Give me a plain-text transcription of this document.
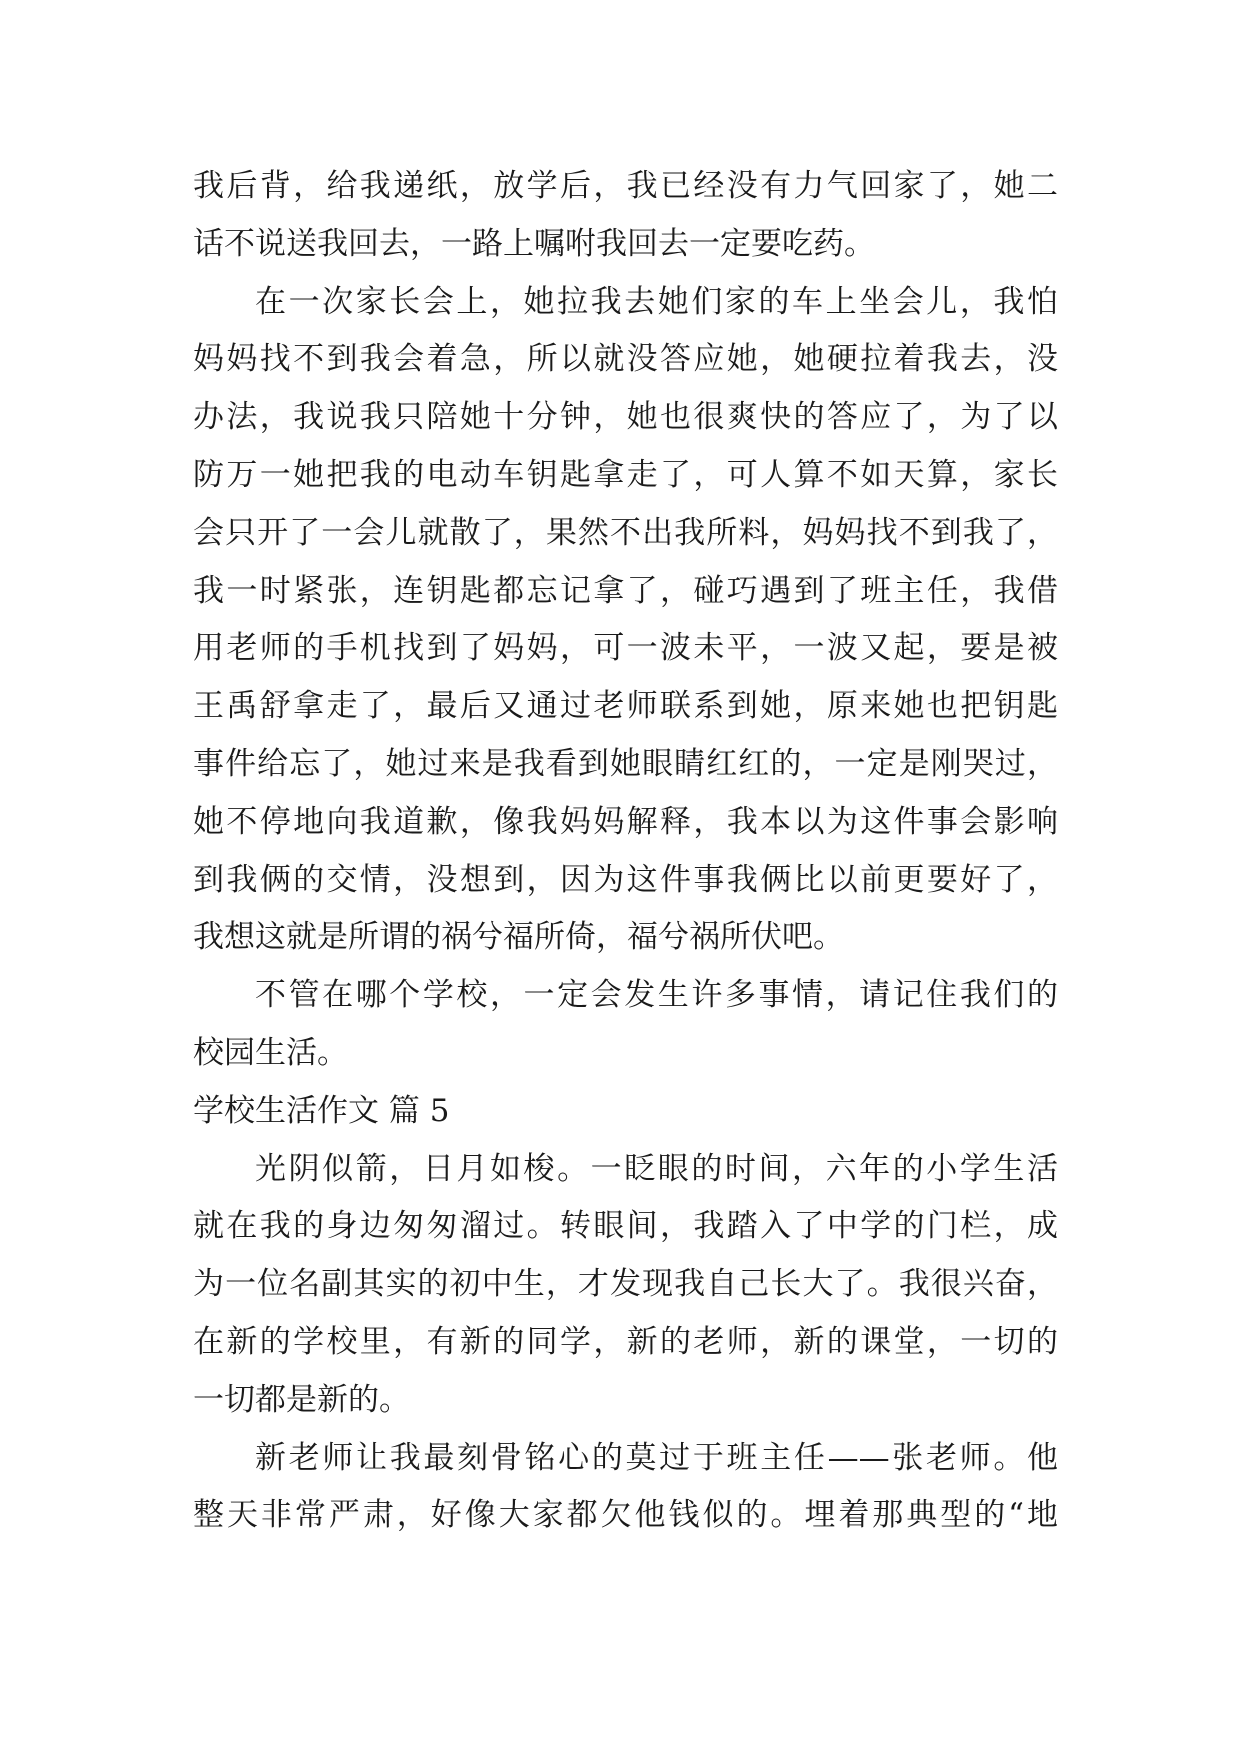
我后背，给我递纸，放学后，我已经没有力气回家了，她二
话不说送我回去，一路上嘱咐我回去一定要吃药。
在一次家长会上，她拉我去她们家的车上坐会儿，我怕
妈妈找不到我会着急，所以就没答应她，她硬拉着我去，没
办法，我说我只陪她十分钟，她也很爽快的答应了，为了以
防万一她把我的电动车钥匙拿走了，可人算不如天算，家长
会只开了一会儿就散了，果然不出我所料，妈妈找不到我了，
我一时紧张，连钥匙都忘记拿了，碰巧遇到了班主任，我借
用老师的手机找到了妈妈，可一波未平，一波又起，要是被
王禹舒拿走了，最后又通过老师联系到她，原来她也把钥匙
事件给忘了，她过来是我看到她眼睛红红的，一定是刚哭过，
她不停地向我道歉，像我妈妈解释，我本以为这件事会影响
到我俩的交情，没想到，因为这件事我俩比以前更要好了，
我想这就是所谓的祸兮福所倚，福兮祸所伏吧。
不管在哪个学校，一定会发生许多事情，请记住我们的
校园生活。
学校生活作文 篇 5
光阴似箭，日月如梭。一眨眼的时间，六年的小学生活
就在我的身边匆匆溜过。转眼间，我踏入了中学的门栏，成
为一位名副其实的初中生，才发现我自己长大了。我很兴奋，
在新的学校里，有新的同学，新的老师，新的课堂，一切的
一切都是新的。
新老师让我最刻骨铭心的莫过于班主任——张老师。他
整天非常严肃，好像大家都欠他钱似的。埋着那典型的“地
